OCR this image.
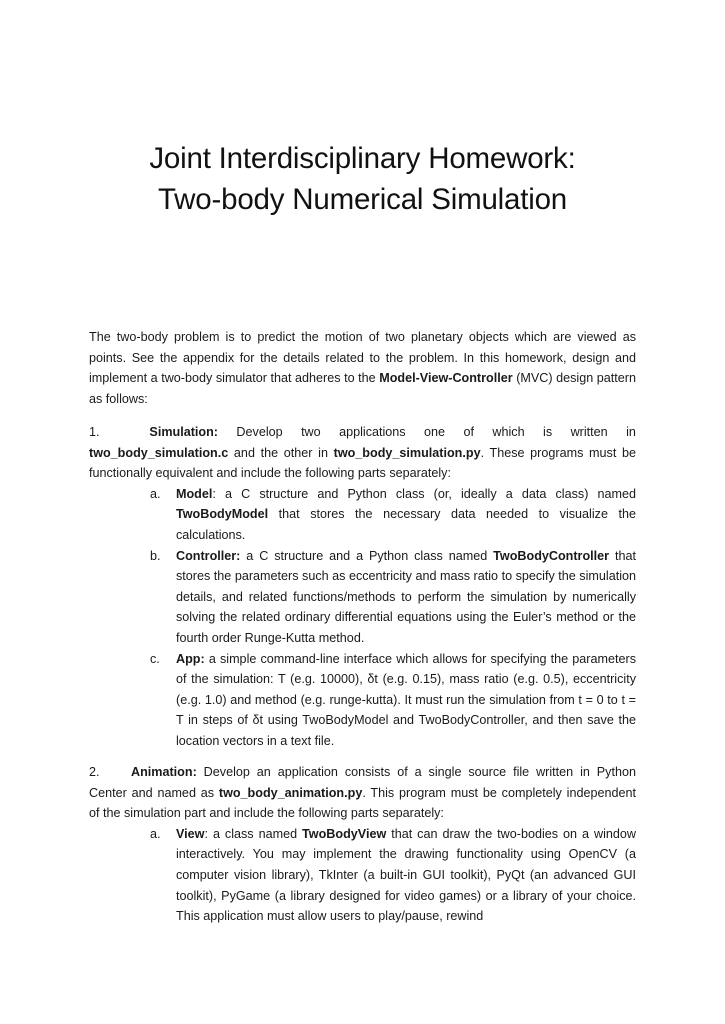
Joint Interdisciplinary Homework:
Two-body Numerical Simulation

The two-body problem is to predict the motion of two planetary objects which are viewed as points. See the appendix for the details related to the problem. In this homework, design and implement a two-body simulator that adheres to the Model-View-Controller (MVC) design pattern as follows:

1.	Simulation: Develop two applications one of which is written in

two_body_simulation.c and the other in two_body_simulation.py. These programs must be functionally equivalent and include the following parts separately:

a. Model: a C structure and Python class (or, ideally a data class) named TwoBodyModel that stores the necessary data needed to visualize the calculations.
b. Controller: a C structure and a Python class named TwoBodyController that stores the parameters such as eccentricity and mass ratio to specify the simulation details, and related functions/methods to perform the simulation by numerically solving the related ordinary differential equations using the Euler’s method or the fourth order Runge-Kutta method.
c. App: a simple command-line interface which allows for specifying the parameters of the simulation: T (e.g. 10000), δt (e.g. 0.15), mass ratio (e.g. 0.5), eccentricity (e.g. 1.0) and method (e.g. runge-kutta). It must run the simulation from t = 0 to t = T in steps of δt using TwoBodyModel and TwoBodyController, and then save the location vectors in a text file.

2. Animation: Develop an application consists of a single source file written in Python Center and named as two_body_animation.py. This program must be completely independent of the simulation part and include the following parts separately:

a. View: a class named TwoBodyView that can draw the two-bodies on a window interactively. You may implement the drawing functionality using OpenCV (a computer vision library), TkInter (a built-in GUI toolkit), PyQt (an advanced GUI toolkit), PyGame (a library designed for video games) or a library of your choice. This application must allow users to play/pause, rewind
